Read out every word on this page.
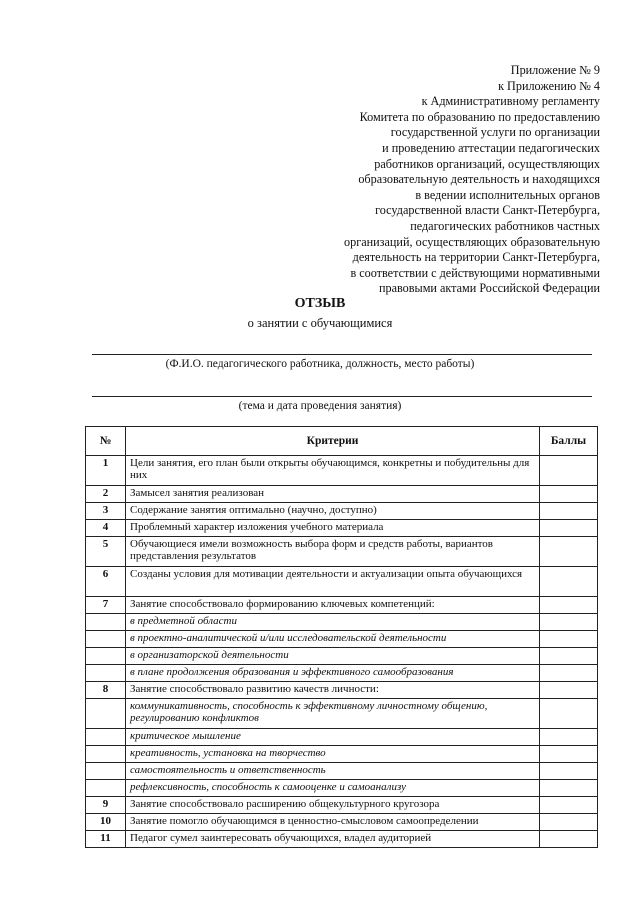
Приложение № 9
к Приложению № 4
к Административному регламенту
Комитета по образованию по предоставлению
государственной услуги по организации
и проведению аттестации педагогических
работников организаций, осуществляющих
образовательную деятельность и находящихся
в ведении исполнительных органов
государственной власти Санкт-Петербурга,
педагогических работников частных
организаций, осуществляющих образовательную
деятельность на территории Санкт-Петербурга,
в соответствии с действующими нормативными
правовыми актами Российской Федерации
ОТЗЫВ
о занятии с обучающимися
(Ф.И.О. педагогического работника, должность, место работы)
(тема и дата проведения занятия)
№	Критерии	Баллы
1	Цели занятия, его план были открыты обучающимся, конкретны и побудительны для них	
2	Замысел занятия реализован	
3	Содержание занятия оптимально (научно, доступно)	
4	Проблемный характер изложения учебного материала	
5	Обучающиеся имели возможность выбора форм и средств работы, вариантов представления результатов	
6	Созданы условия для мотивации деятельности и актуализации опыта обучающихся	
7	Занятие способствовало формированию ключевых компетенций:	
	в предметной области	
	в проектно-аналитической и/или исследовательской деятельности	
	в организаторской деятельности	
	в плане продолжения образования и эффективного самообразования	
8	Занятие способствовало развитию качеств личности:	
	коммуникативность, способность к эффективному личностному общению, регулированию конфликтов	
	критическое мышление	
	креативность, установка на творчество	
	самостоятельность и ответственность	
	рефлексивность, способность к самооценке и самоанализу	
9	Занятие способствовало расширению общекультурного кругозора	
10	Занятие помогло обучающимся в ценностно-смысловом самоопределении	
11	Педагог сумел заинтересовать обучающихся, владел аудиторией	
